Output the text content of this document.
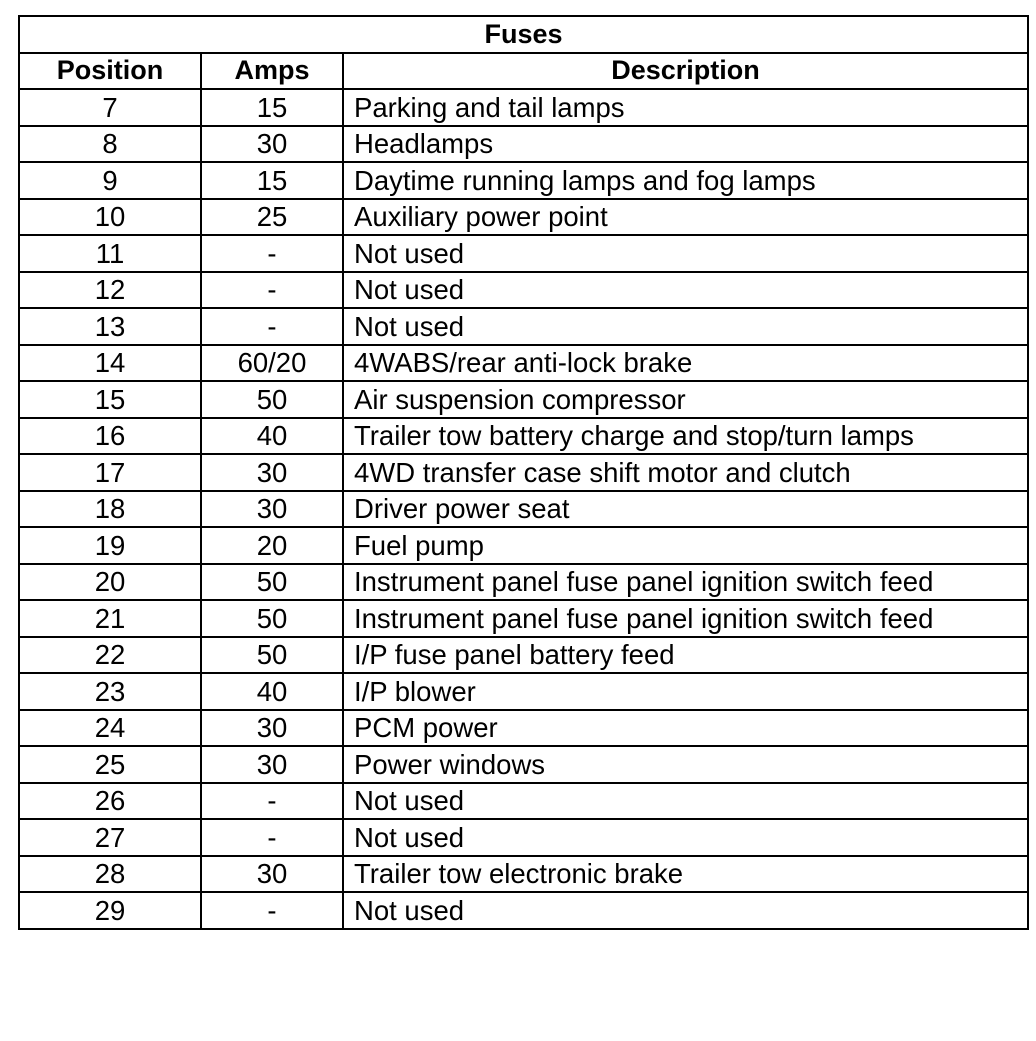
Fuses		
Position	Amps	Description
7	15	Parking and tail lamps
8	30	Headlamps
9	15	Daytime running lamps and fog lamps
10	25	Auxiliary power point
11	-	Not used
12	-	Not used
13	-	Not used
14	60/20	4WABS/rear anti-lock brake
15	50	Air suspension compressor
16	40	Trailer tow battery charge and stop/turn lamps
17	30	4WD transfer case shift motor and clutch
18	30	Driver power seat
19	20	Fuel pump
20	50	Instrument panel fuse panel ignition switch feed
21	50	Instrument panel fuse panel ignition switch feed
22	50	I/P fuse panel battery feed
23	40	I/P blower
24	30	PCM power
25	30	Power windows
26	-	Not used
27	-	Not used
28	30	Trailer tow electronic brake
29	-	Not used
